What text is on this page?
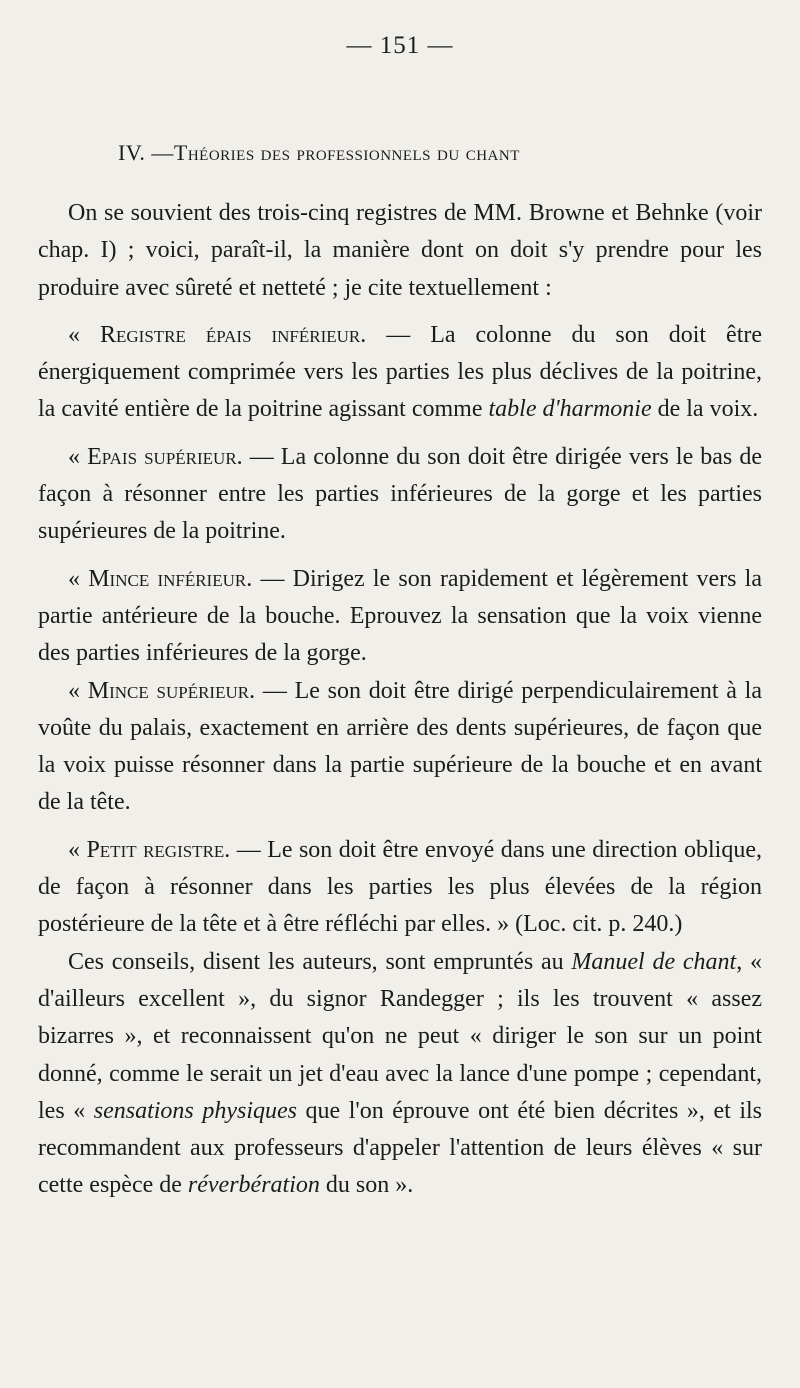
— 151 —
IV. —Théories des professionnels du chant

On se souvient des trois-cinq registres de MM. Browne et Behnke (voir chap. I) ; voici, paraît-il, la manière dont on doit s'y prendre pour les produire avec sûreté et netteté ; je cite textuellement :

« Registre épais inférieur. — La colonne du son doit être énergiquement comprimée vers les parties les plus déclives de la poitrine, la cavité entière de la poitrine agissant comme table d'harmonie de la voix.

« Epais supérieur. — La colonne du son doit être dirigée vers le bas de façon à résonner entre les parties inférieures de la gorge et les parties supérieures de la poitrine.

« Mince inférieur. — Dirigez le son rapidement et légèrement vers la partie antérieure de la bouche. Eprouvez la sensation que la voix vienne des parties inférieures de la gorge.

« Mince supérieur. — Le son doit être dirigé perpendiculairement à la voûte du palais, exactement en arrière des dents supérieures, de façon que la voix puisse résonner dans la partie supérieure de la bouche et en avant de la tête.

« Petit registre. — Le son doit être envoyé dans une direction oblique, de façon à résonner dans les parties les plus élevées de la région postérieure de la tête et à être réfléchi par elles. » (Loc. cit. p. 240.)

Ces conseils, disent les auteurs, sont empruntés au Manuel de chant, « d'ailleurs excellent », du signor Randegger ; ils les trouvent « assez bizarres », et reconnaissent qu'on ne peut « diriger le son sur un point donné, comme le serait un jet d'eau avec la lance d'une pompe ; cependant, les « sensations physiques que l'on éprouve ont été bien décrites », et ils recommandent aux professeurs d'appeler l'attention de leurs élèves « sur cette espèce de réverbération du son ».
